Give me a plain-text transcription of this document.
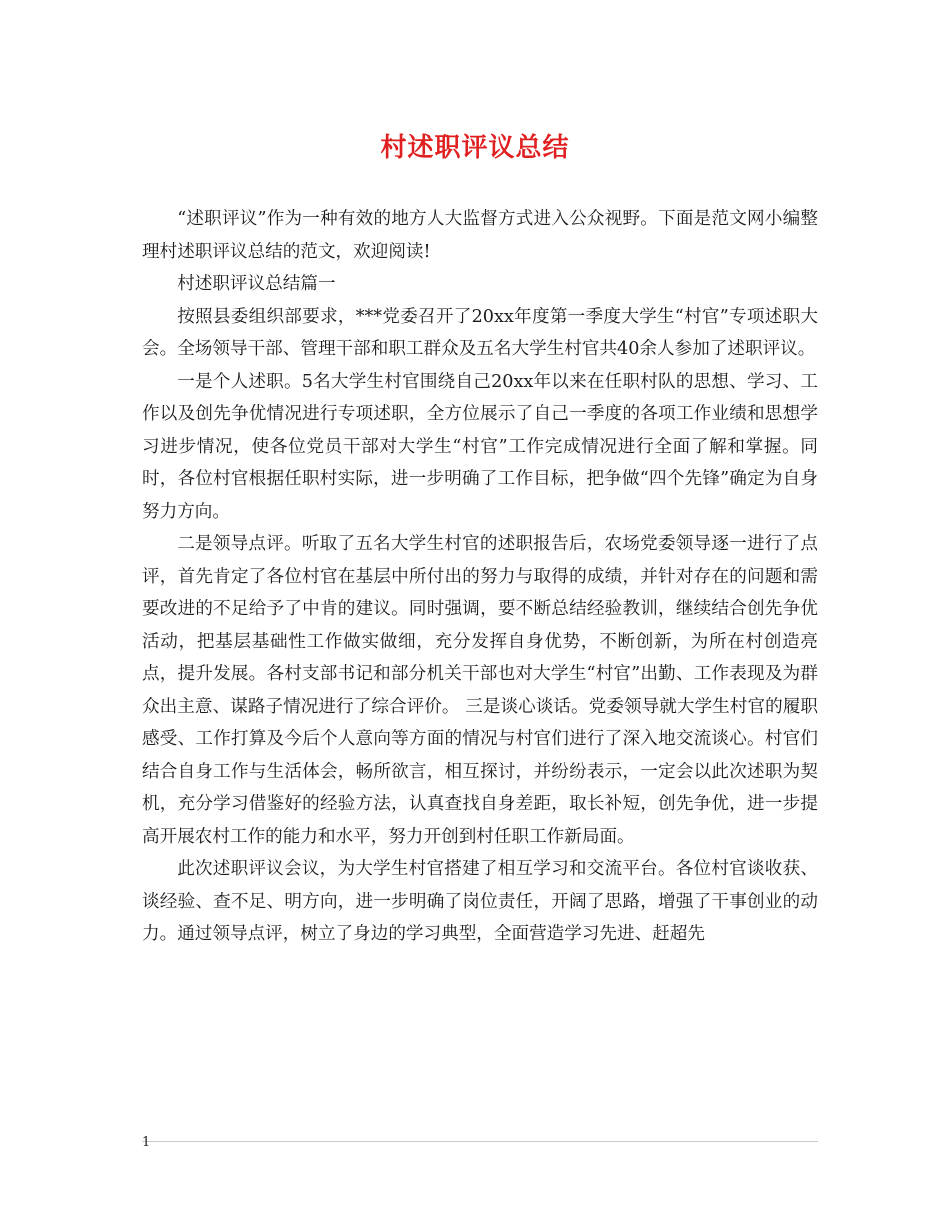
村述职评议总结

“述职评议”作为一种有效的地方人大监督方式进入公众视野。下面是范文网小编整理村述职评议总结的范文，欢迎阅读!

村述职评议总结篇一

按照县委组织部要求，***党委召开了20xx年度第一季度大学生“村官”专项述职大会。全场领导干部、管理干部和职工群众及五名大学生村官共40余人参加了述职评议。

一是个人述职。5名大学生村官围绕自己20xx年以来在任职村队的思想、学习、工作以及创先争优情况进行专项述职，全方位展示了自己一季度的各项工作业绩和思想学习进步情况，使各位党员干部对大学生“村官”工作完成情况进行全面了解和掌握。同时，各位村官根据任职村实际，进一步明确了工作目标，把争做“四个先锋”确定为自身努力方向。

二是领导点评。听取了五名大学生村官的述职报告后，农场党委领导逐一进行了点评，首先肯定了各位村官在基层中所付出的努力与取得的成绩，并针对存在的问题和需要改进的不足给予了中肯的建议。同时强调，要不断总结经验教训，继续结合创先争优活动，把基层基础性工作做实做细，充分发挥自身优势，不断创新，为所在村创造亮点，提升发展。各村支部书记和部分机关干部也对大学生“村官”出勤、工作表现及为群众出主意、谋路子情况进行了综合评价。 三是谈心谈话。党委领导就大学生村官的履职感受、工作打算及今后个人意向等方面的情况与村官们进行了深入地交流谈心。村官们结合自身工作与生活体会，畅所欲言，相互探讨，并纷纷表示，一定会以此次述职为契机，充分学习借鉴好的经验方法，认真查找自身差距，取长补短，创先争优，进一步提高开展农村工作的能力和水平，努力开创到村任职工作新局面。

此次述职评议会议，为大学生村官搭建了相互学习和交流平台。各位村官谈收获、谈经验、查不足、明方向，进一步明确了岗位责任，开阔了思路，增强了干事创业的动力。通过领导点评，树立了身边的学习典型，全面营造学习先进、赶超先

1
